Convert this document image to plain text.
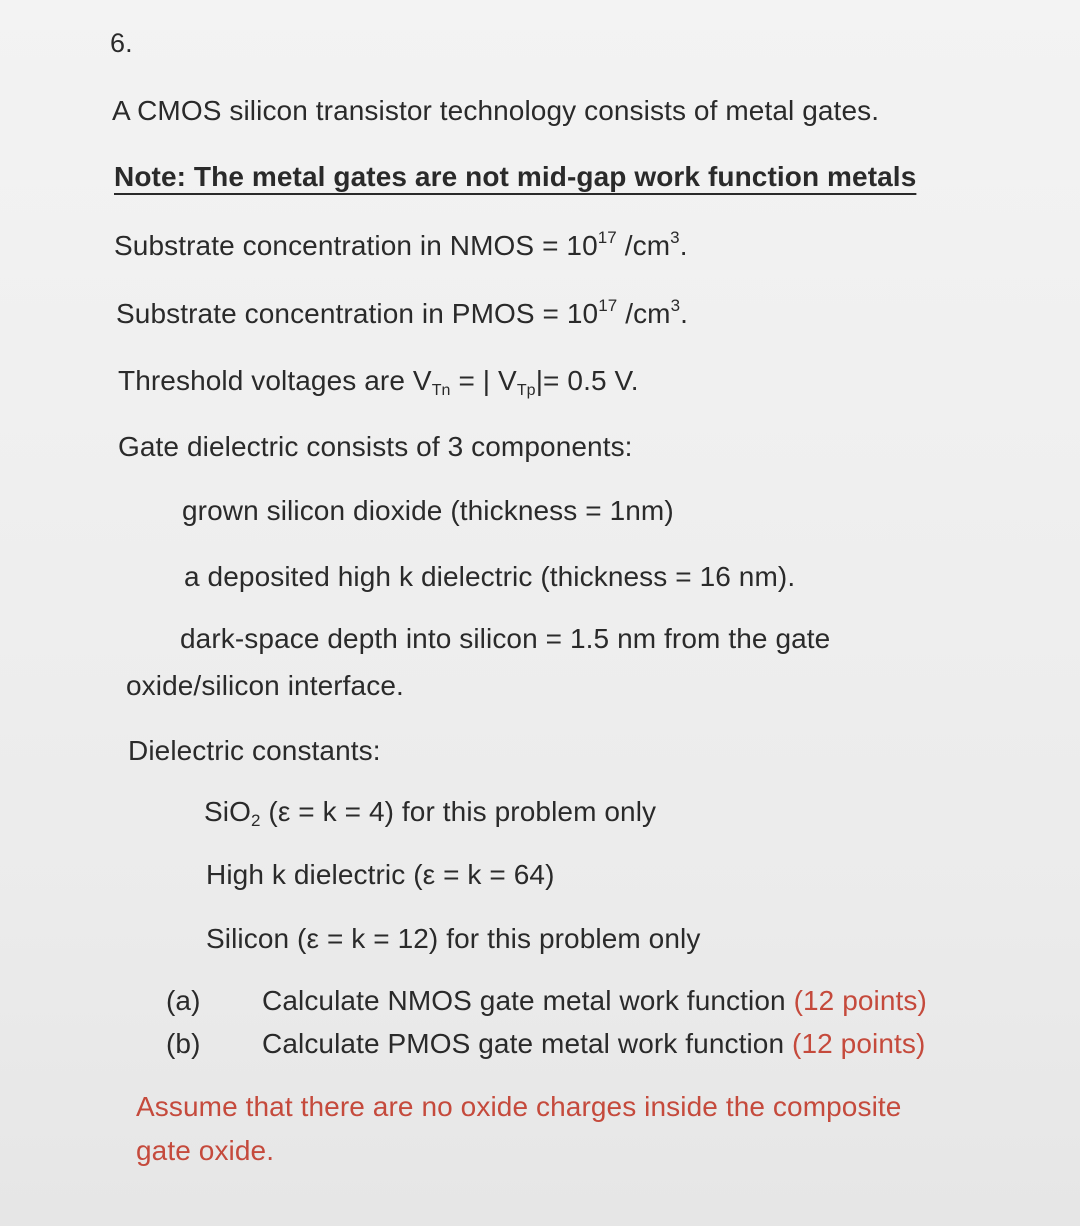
6.
A CMOS silicon transistor technology consists of metal gates.
Note: The metal gates are not mid-gap work function metals
Substrate concentration in NMOS = $10^{17}$ $/cm^3$.
Substrate concentration in PMOS = $10^{17}$ $/cm^3$.
Threshold voltages are $V_{Tn}$ = | $V_{Tp}|= 0.5$ V.
Gate dielectric consists of 3 components:
grown silicon dioxide (thickness = 1nm)
a deposited high k dielectric (thickness = 16 nm).
dark-space depth into silicon = 1.5 nm from the gate
oxide/silicon interface.
Dielectric constants:
SiO$_2$ (ε = k = 4) for this problem only
High k dielectric (ε = k = 64)
Silicon (ε = k = 12) for this problem only
(a) Calculate NMOS gate metal work function (12 points)
(b) Calculate PMOS gate metal work function (12 points)
Assume that there are no oxide charges inside the composite
gate oxide.
